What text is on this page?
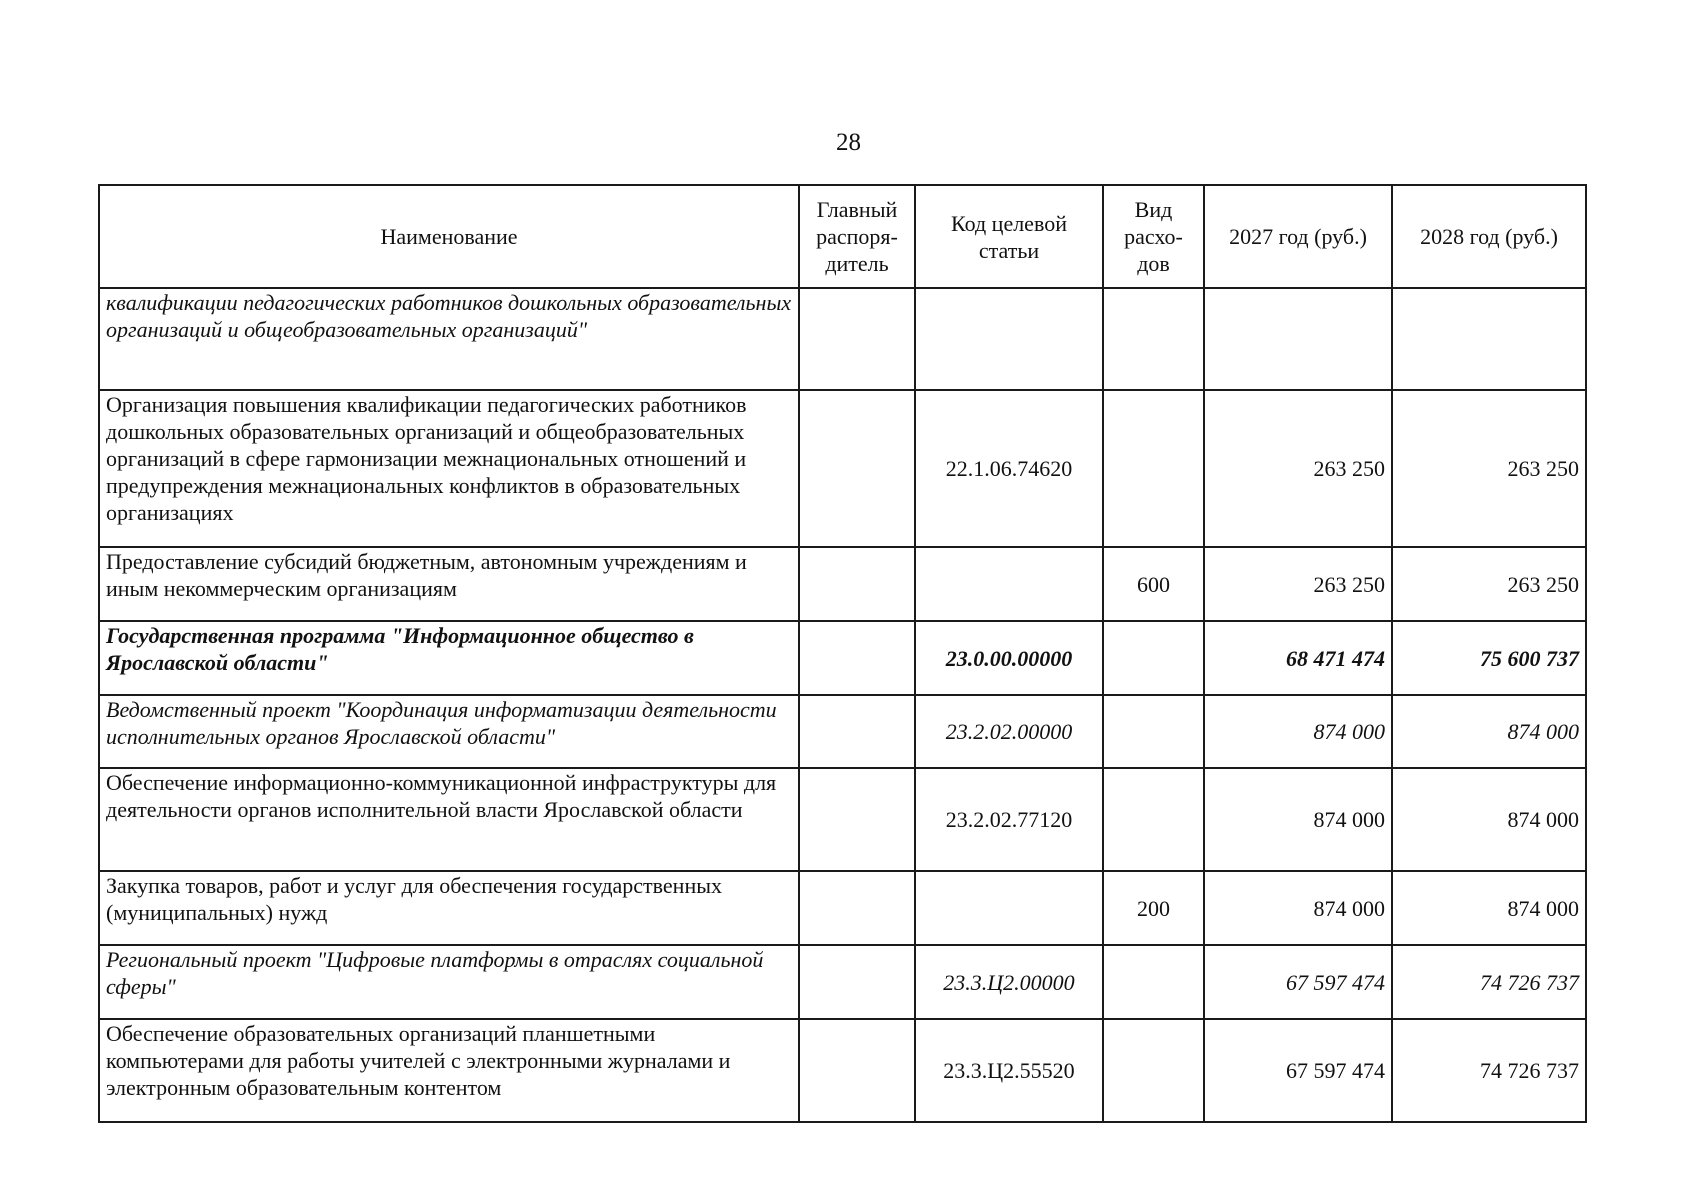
28
Наименование	Главный распоря-дитель	Код целевой статьи	Вид расхо-дов	2027 год (руб.)	2028 год (руб.)
квалификации педагогических работников дошкольных образовательных организаций и общеобразовательных организаций"					
Организация повышения квалификации педагогических работников дошкольных образовательных организаций и общеобразовательных организаций в сфере гармонизации межнациональных отношений и предупреждения межнациональных конфликтов в образовательных организациях		22.1.06.74620		263 250	263 250
Предоставление субсидий бюджетным, автономным учреждениям и иным некоммерческим организациям			600	263 250	263 250
Государственная программа "Информационное общество в Ярославской области"		23.0.00.00000		68 471 474	75 600 737
Ведомственный проект "Координация информатизации деятельности исполнительных органов Ярославской области"		23.2.02.00000		874 000	874 000
Обеспечение информационно-коммуникационной инфраструктуры для деятельности органов исполнительной власти Ярославской области		23.2.02.77120		874 000	874 000
Закупка товаров, работ и услуг для обеспечения государственных (муниципальных) нужд			200	874 000	874 000
Региональный проект "Цифровые платформы в отраслях социальной сферы"		23.3.Ц2.00000		67 597 474	74 726 737
Обеспечение образовательных организаций планшетными компьютерами для работы учителей с электронными журналами и электронным образовательным контентом		23.3.Ц2.55520		67 597 474	74 726 737
